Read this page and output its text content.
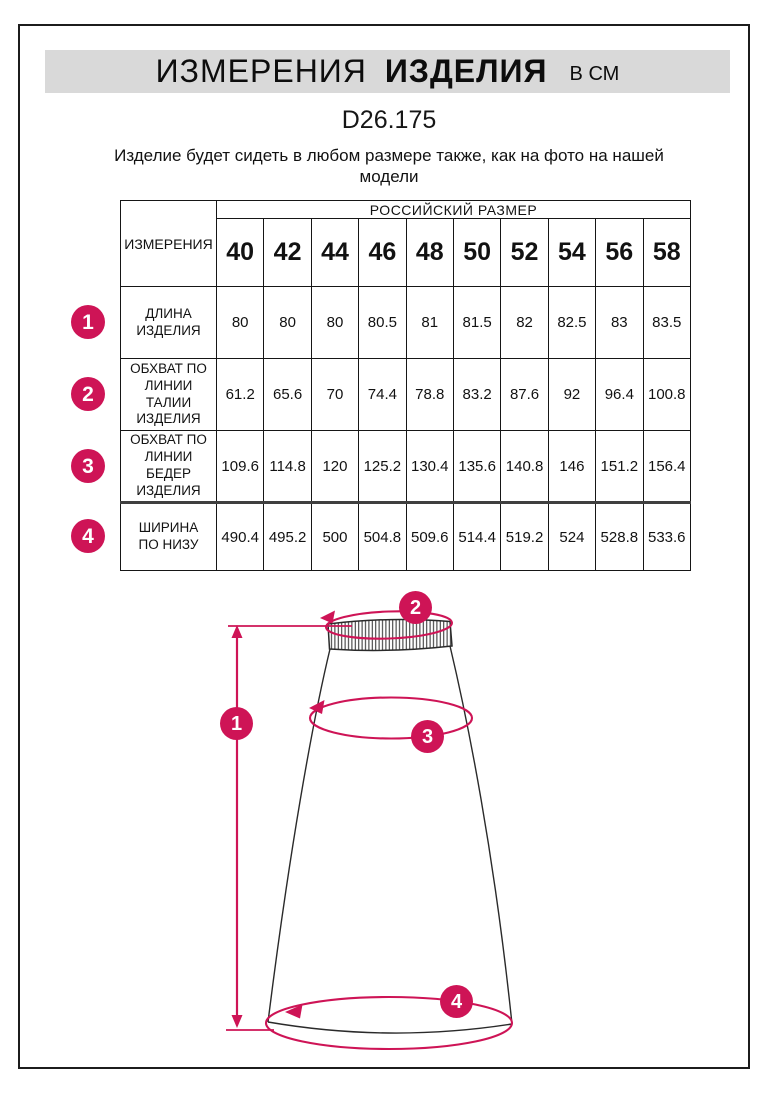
ИЗМЕРЕНИЯ ИЗДЕЛИЯ В СМ
D26.175
Изделие будет сидеть в любом размере также, как на фото на нашей модели
ИЗМЕРЕНИЯ	РОССИЙСКИЙ РАЗМЕР									
	40	42	44	46	48	50	52	54	56	58
ДЛИНА ИЗДЕЛИЯ	80	80	80	80.5	81	81.5	82	82.5	83	83.5
ОБХВАТ ПО ЛИНИИ ТАЛИИ ИЗДЕЛИЯ	61.2	65.6	70	74.4	78.8	83.2	87.6	92	96.4	100.8
ОБХВАТ ПО ЛИНИИ БЕДЕР ИЗДЕЛИЯ	109.6	114.8	120	125.2	130.4	135.6	140.8	146	151.2	156.4
ШИРИНА ПО НИЗУ	490.4	495.2	500	504.8	509.6	514.4	519.2	524	528.8	533.6
1
2
3
4
1
2
3
4
